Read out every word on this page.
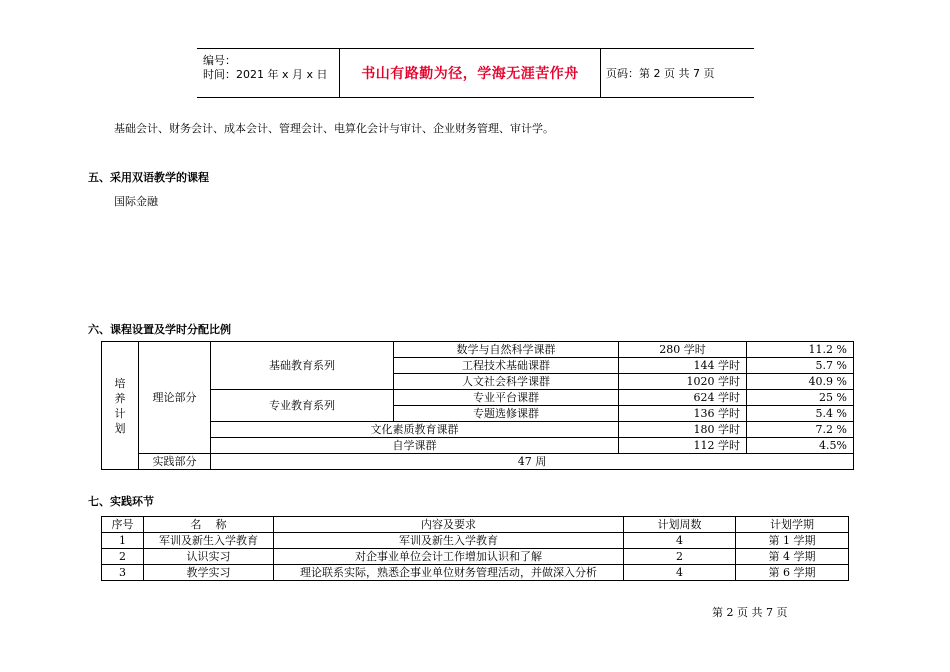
编号：
时间：2021 年 x 月 x 日 书山有路勤为径，学海无涯苦作舟	页码：第 2 页 共 7 页
基础会计、财务会计、成本会计、管理会计、电算化会计与审计、企业财务管理、审计学。
五、采用双语教学的课程
国际金融
六、课程设置及学时分配比例
培
养
计
划	理论部分	基础教育系列	数学与自然科学课群	280 学时	11.2 %
			工程技术基础课群	144 学时	5.7 %
			人文社会科学课群	1020 学时	40.9 %
		专业教育系列	专业平台课群	624 学时	25 %
			专题选修课群	136 学时	5.4 %
		文化素质教育课群		180 学时	7.2 %
		自学课群		112 学时	4.5%
	实践部分	47 周			
七、实践环节
序号	名    称	内容及要求	计划周数	计划学期
1	军训及新生入学教育	军训及新生入学教育	4	第 1 学期
2	认识实习	对企事业单位会计工作增加认识和了解	2	第 4 学期
3	教学实习	理论联系实际，熟悉企事业单位财务管理活动，并做深入分析	4	第 6 学期
第 2 页 共 7 页
